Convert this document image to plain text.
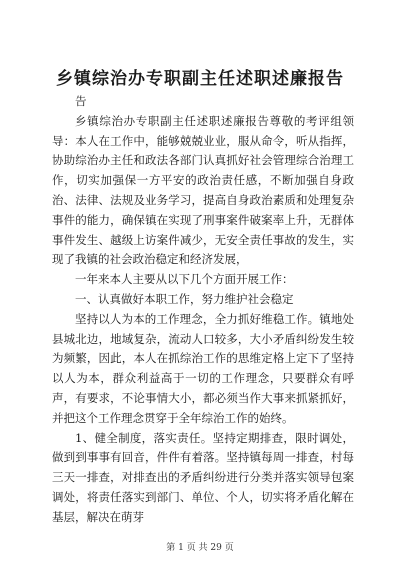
乡镇综治办专职副主任述职述廉报告

告

乡镇综治办专职副主任述职述廉报告尊敬的考评组领导：本人在工作中，能够兢兢业业，服从命令，听从指挥，协助综治办主任和政法各部门认真抓好社会管理综合治理工作，切实加强保一方平安的政治责任感，不断加强自身政治、法律、法规及业务学习，提高自身政治素质和处理复杂事件的能力，确保镇在实现了刑事案件破案率上升，无群体事件发生、越级上访案件减少，无安全责任事故的发生，实现了我镇的社会政治稳定和经济发展，

一年来本人主要从以下几个方面开展工作：

一、认真做好本职工作，努力维护社会稳定

坚持以人为本的工作理念，全力抓好维稳工作。镇地处县城北边，地域复杂，流动人口较多，大小矛盾纠纷发生较为频繁，因此，本人在抓综治工作的思维定格上定下了坚持以人为本，群众利益高于一切的工作理念，只要群众有呼声，有要求，不论事情大小，都必须当作大事来抓紧抓好，并把这个工作理念贯穿于全年综治工作的始终。

1、健全制度，落实责任。坚持定期排查，限时调处，做到到事事有回音，件件有着落。坚持镇每周一排查，村每三天一排查，对排查出的矛盾纠纷进行分类并落实领导包案调处，将责任落实到部门、单位、个人，切实将矛盾化解在基层，解决在萌芽

第 1 页 共 29 页
